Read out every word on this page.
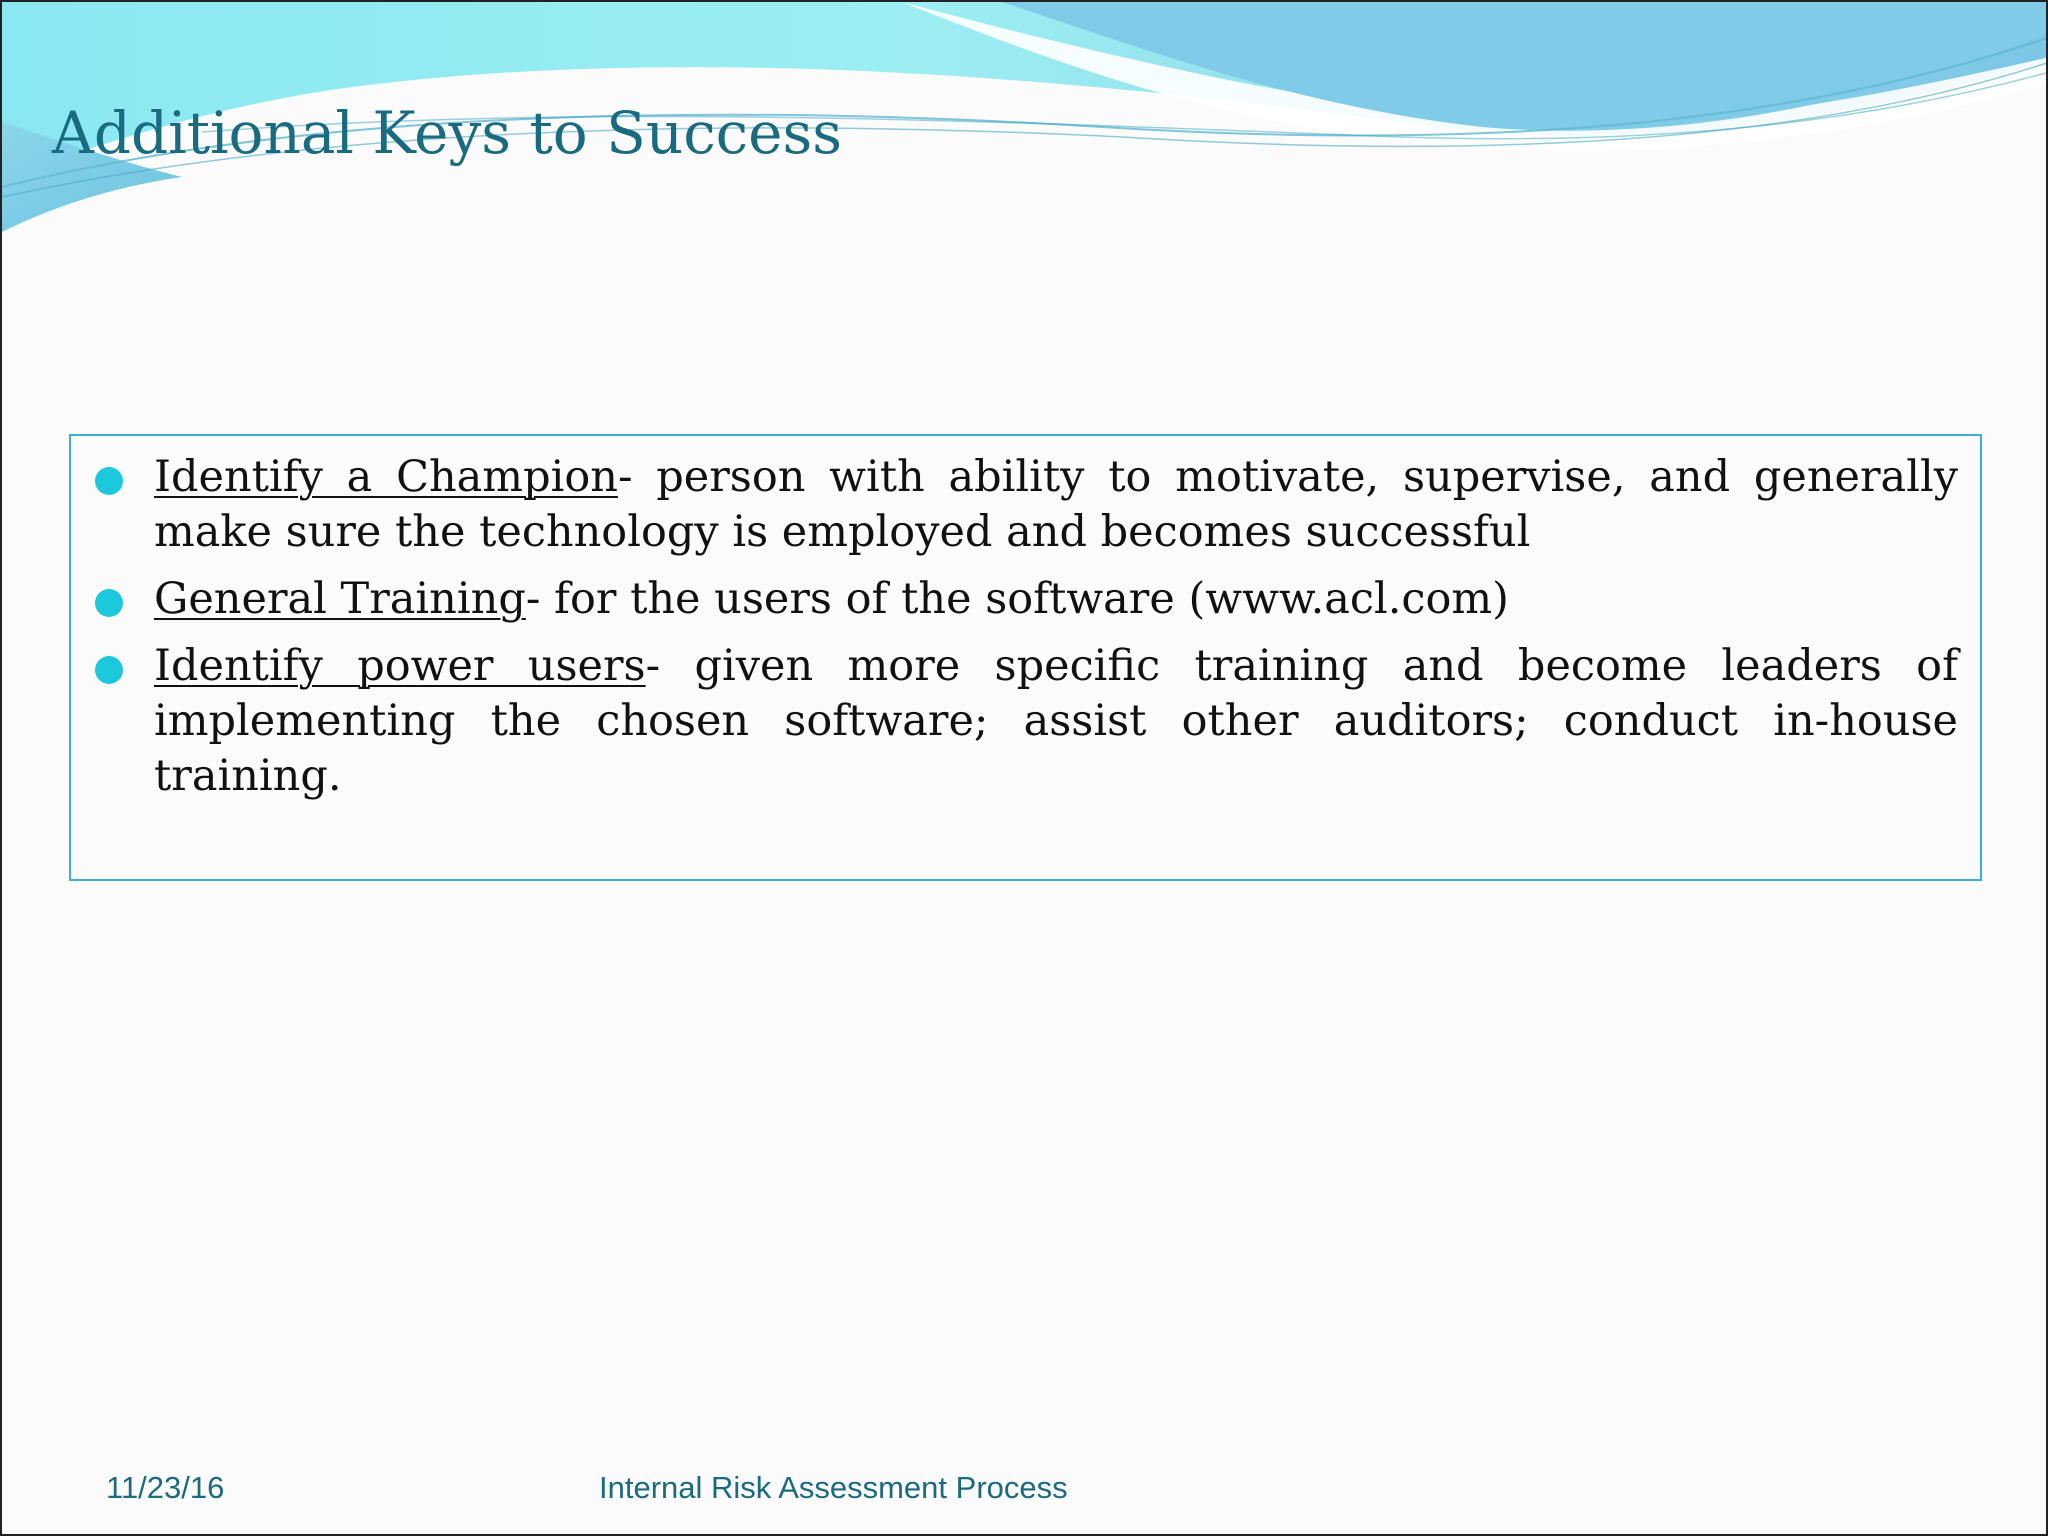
Additional Keys to Success
Identify a Champion- person with ability to motivate, supervise, and generally make sure the technology is employed and becomes successful
General Training- for the users of the software (www.acl.com)
Identify power users- given more specific training and become leaders of implementing the chosen software; assist other auditors; conduct in-house training.
11/23/16	Internal Risk Assessment Process
